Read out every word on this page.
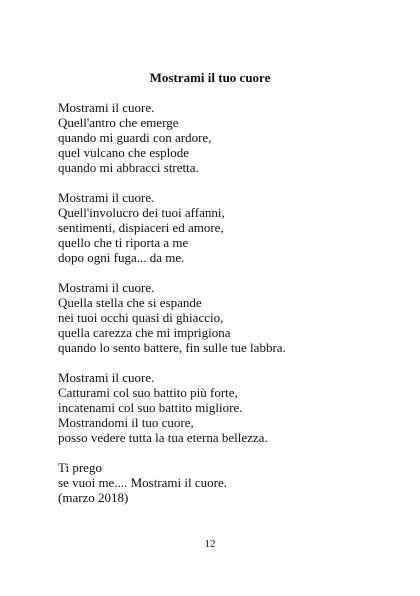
Mostrami il tuo cuore
Mostrami il cuore.
Quell'antro che emerge
quando mi guardi con ardore,
quel vulcano che esplode
quando mi abbracci stretta.
Mostrami il cuore.
Quell'involucro dei tuoi affanni,
sentimenti, dispiaceri ed amore,
quello che ti riporta a me
dopo ogni fuga... da me.
Mostrami il cuore.
Quella stella che si espande
nei tuoi occhi quasi di ghiaccio,
quella carezza che mi imprigiona
quando lo sento battere, fin sulle tue labbra.
Mostrami il cuore.
Catturami col suo battito più forte,
incatenami col suo battito migliore.
Mostrandomi il tuo cuore,
posso vedere tutta la tua eterna bellezza.
Ti prego
se vuoi me.... Mostrami il cuore.
(marzo 2018)
12
